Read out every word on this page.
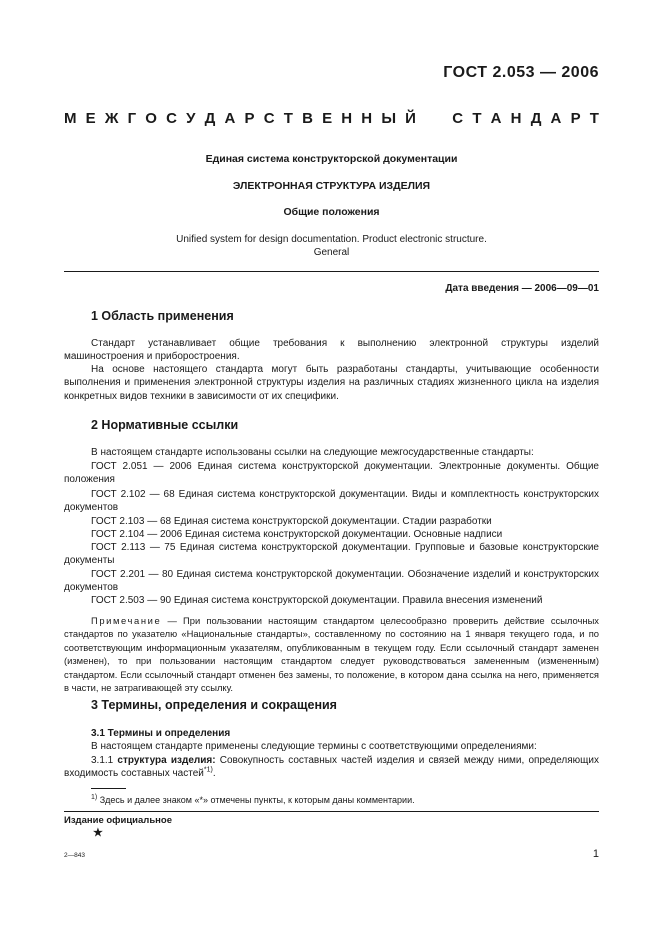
ГОСТ 2.053 — 2006
М Е Ж Г О С У Д А Р С Т В Е Н Н Ы Й С Т А Н Д А Р Т
Единая система конструкторской документации
ЭЛЕКТРОННАЯ СТРУКТУРА ИЗДЕЛИЯ
Общие положения
Unified system for design documentation. Product electronic structure.
General
Дата введения — 2006—09—01
1 Область применения

Стандарт устанавливает общие требования к выполнению электронной структуры изделий машиностроения и приборостроения.

На основе настоящего стандарта могут быть разработаны стандарты, учитывающие особенности выполнения и применения электронной структуры изделия на различных стадиях жизненного цикла на изделия конкретных видов техники в зависимости от их специфики.

2 Нормативные ссылки

В настоящем стандарте использованы ссылки на следующие межгосударственные стандарты:

ГОСТ 2.051 — 2006 Единая система конструкторской документации. Электронные документы. Общие положения

ГОСТ 2.102 — 68 Единая система конструкторской документации. Виды и комплектность конструкторских документов

ГОСТ 2.103 — 68 Единая система конструкторской документации. Стадии разработки

ГОСТ 2.104 — 2006 Единая система конструкторской документации. Основные надписи

ГОСТ 2.113 — 75 Единая система конструкторской документации. Групповые и базовые конструкторские документы

ГОСТ 2.201 — 80 Единая система конструкторской документации. Обозначение изделий и конструкторских документов

ГОСТ 2.503 — 90 Единая система конструкторской документации. Правила внесения изменений

Примечание — При пользовании настоящим стандартом целесообразно проверить действие ссылочных стандартов по указателю «Национальные стандарты», составленному по состоянию на 1 января текущего года, и по соответствующим информационным указателям, опубликованным в текущем году. Если ссылочный стандарт заменен (изменен), то при пользовании настоящим стандартом следует руководствоваться замененным (измененным) стандартом. Если ссылочный стандарт отменен без замены, то положение, в котором дана ссылка на него, применяется в части, не затрагивающей эту ссылку.

3 Термины, определения и сокращения

3.1 Термины и определения

В настоящем стандарте применены следующие термины с соответствующими определениями:

3.1.1 структура изделия: Совокупность составных частей изделия и связей между ними, определяющих входимость составных частей$^{*1)}$.

$^{1)}$ Здесь и далее знаком «*» отмечены пункты, к которым даны комментарии.
Издание официальное
★
2—843	1
